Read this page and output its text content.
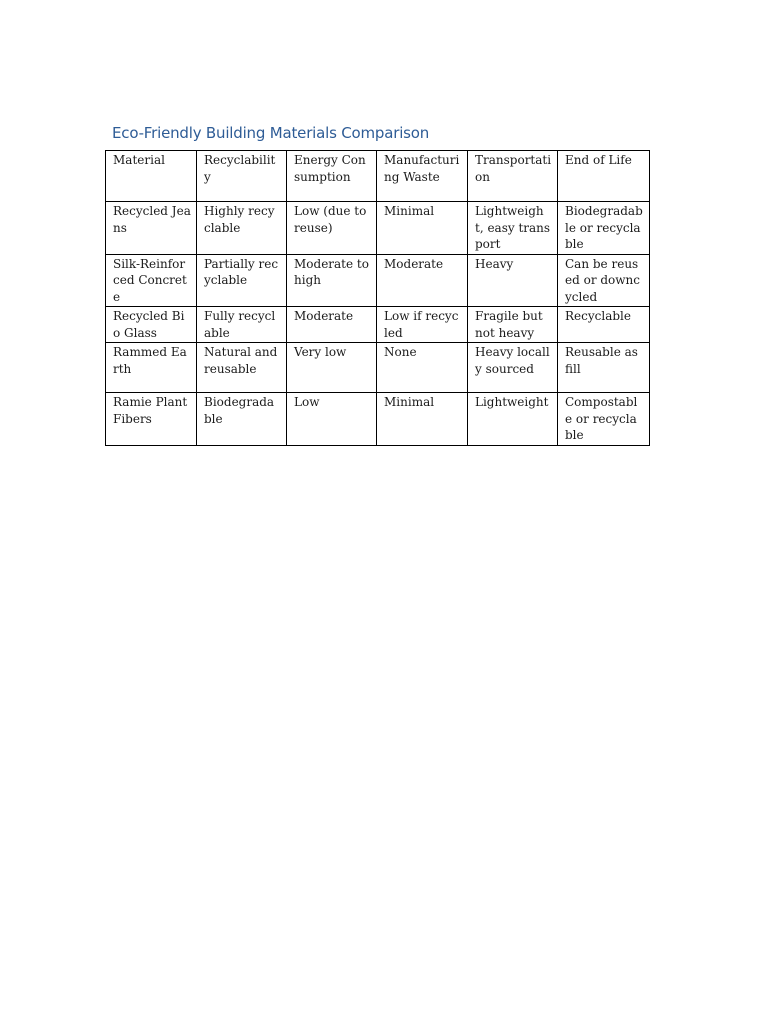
Eco-Friendly Building Materials Comparison
Material	Recyclability	Energy Consumption	Manufacturing Waste	Transportation	End of Life

Recycled Jeans	Highly recyclable	Low (due to reuse)	Minimal	Lightweight, easy transport	Biodegradable or recyclable

Silk-Reinforced Concrete	Partially recyclable	Moderate to high	Moderate	Heavy	Can be reused or downcycled

Recycled Bio Glass	Fully recyclable	Moderate	Low if recycled	Fragile but not heavy	Recyclable

Rammed Earth	Natural and reusable	Very low	None	Heavy locally sourced	Reusable as fill

Ramie Plant Fibers	Biodegradable	Low	Minimal	Lightweight	Compostable or recyclable
